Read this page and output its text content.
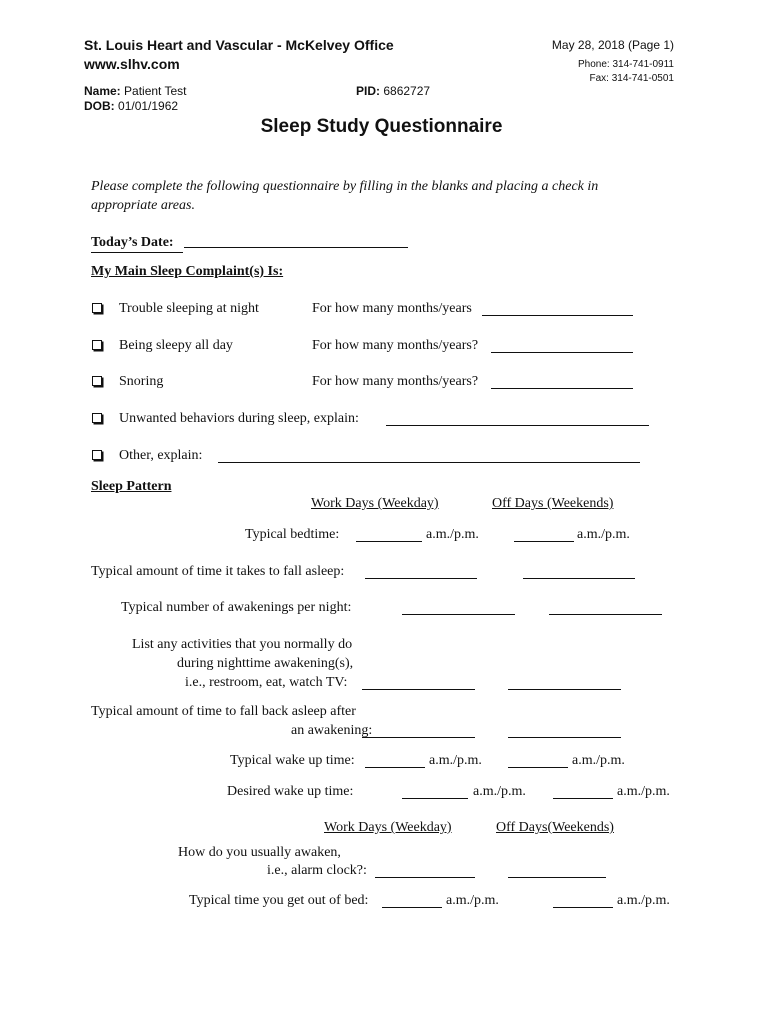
St. Louis Heart and Vascular - McKelvey Office
www.slhv.com
May 28, 2018 (Page 1)
Phone: 314-741-0911
Fax: 314-741-0501
Name: Patient Test	PID: 6862727
DOB: 01/01/1962
Sleep Study Questionnaire
Please complete the following questionnaire by filling in the blanks and placing a check in
appropriate areas.
Today’s Date:
My Main Sleep Complaint(s) Is:
Trouble sleeping at night	For how many months/years
Being sleepy all day	For how many months/years?
Snoring	For how many months/years?
Unwanted behaviors during sleep, explain:
Other, explain:
Sleep Pattern
Work Days (Weekday)	Off Days (Weekends)
Typical bedtime:	a.m./p.m.	a.m./p.m.
Typical amount of time it takes to fall asleep:
Typical number of awakenings per night:
List any activities that you normally do
during nighttime awakening(s),
i.e., restroom, eat, watch TV:
Typical amount of time to fall back asleep after
an awakening:
Typical wake up time:	a.m./p.m.	a.m./p.m.
Desired wake up time:	a.m./p.m.	a.m./p.m.
Work Days (Weekday)	Off Days(Weekends)
How do you usually awaken,
i.e., alarm clock?:
Typical time you get out of bed:	a.m./p.m.	a.m./p.m.
